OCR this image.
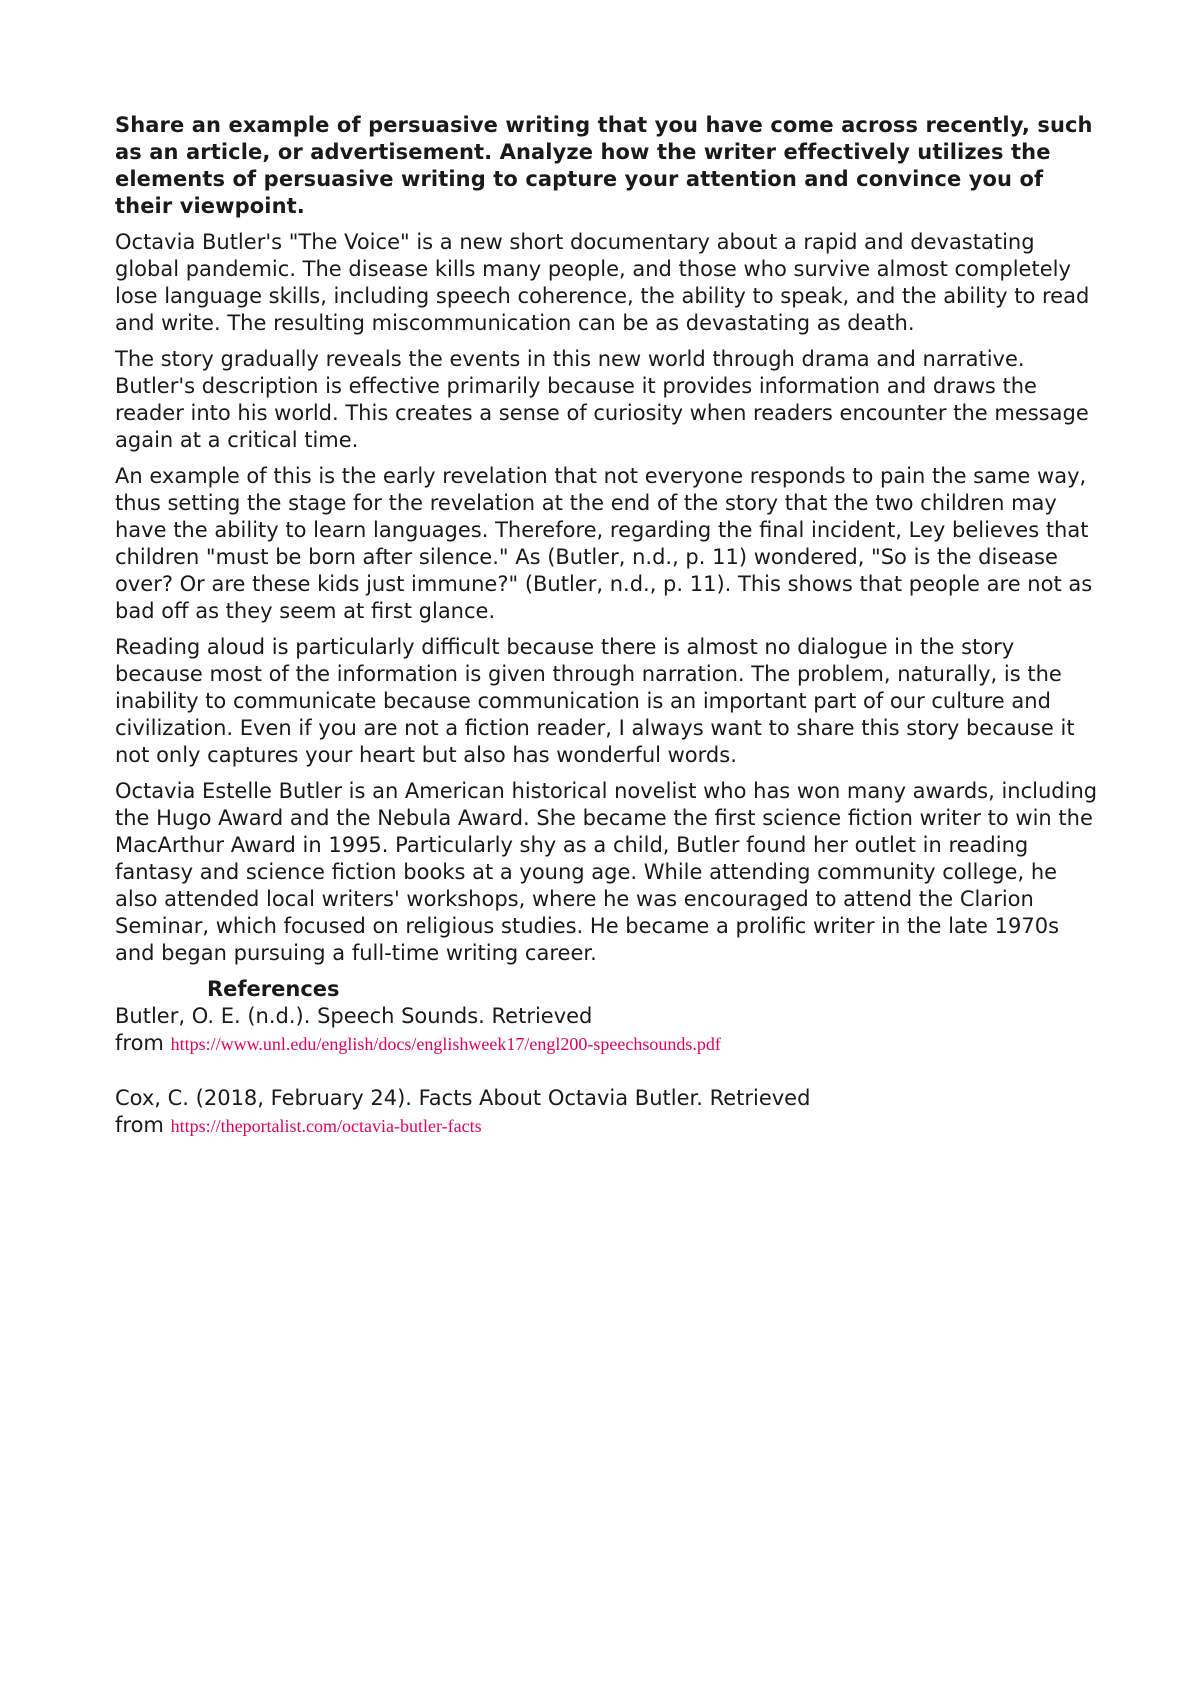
Share an example of persuasive writing that you have come across recently, such as an article, or advertisement. Analyze how the writer effectively utilizes the elements of persuasive writing to capture your attention and convince you of their viewpoint.

Octavia Butler's "The Voice" is a new short documentary about a rapid and devastating global pandemic. The disease kills many people, and those who survive almost completely lose language skills, including speech coherence, the ability to speak, and the ability to read and write. The resulting miscommunication can be as devastating as death.

The story gradually reveals the events in this new world through drama and narrative. Butler's description is effective primarily because it provides information and draws the reader into his world. This creates a sense of curiosity when readers encounter the message again at a critical time.

An example of this is the early revelation that not everyone responds to pain the same way, thus setting the stage for the revelation at the end of the story that the two children may have the ability to learn languages. Therefore, regarding the final incident, Ley believes that children "must be born after silence." As (Butler, n.d., p. 11) wondered, "So is the disease over? Or are these kids just immune?" (Butler, n.d., p. 11). This shows that people are not as bad off as they seem at first glance.

Reading aloud is particularly difficult because there is almost no dialogue in the story because most of the information is given through narration. The problem, naturally, is the inability to communicate because communication is an important part of our culture and civilization. Even if you are not a fiction reader, I always want to share this story because it not only captures your heart but also has wonderful words.

Octavia Estelle Butler is an American historical novelist who has won many awards, including the Hugo Award and the Nebula Award. She became the first science fiction writer to win the MacArthur Award in 1995. Particularly shy as a child, Butler found her outlet in reading fantasy and science fiction books at a young age. While attending community college, he also attended local writers' workshops, where he was encouraged to attend the Clarion Seminar, which focused on religious studies. He became a prolific writer in the late 1970s and began pursuing a full-time writing career.

References

Butler, O. E. (n.d.). Speech Sounds. Retrieved
from https://www.unl.edu/english/docs/englishweek17/engl200-speechsounds.pdf

Cox, C. (2018, February 24). Facts About Octavia Butler. Retrieved
from https://theportalist.com/octavia-butler-facts
